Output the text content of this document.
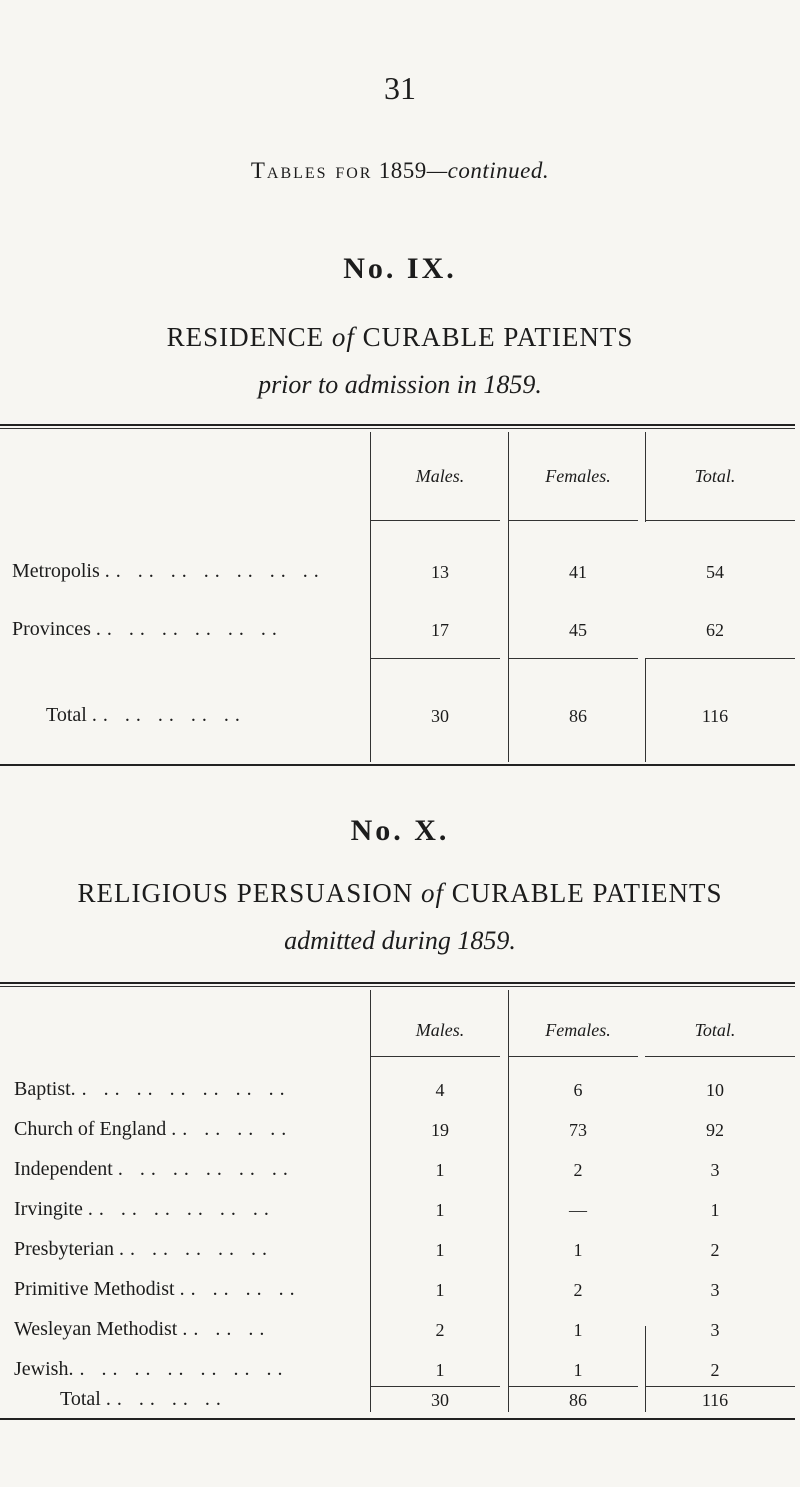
31
Tables for 1859—continued.
No. IX.
RESIDENCE of CURABLE PATIENTS
prior to admission in 1859.
Males.	Females.	Total.
Metropolis .. .. .. .. .. .. ..	13	41	54
Provinces .. .. .. .. .. ..	17	45	62
Total .. .. .. .. ..	30	86	116
No. X.
RELIGIOUS PERSUASION of CURABLE PATIENTS
admitted during 1859.
Males.	Females.	Total.
Baptist.. .. .. .. .. .. ..	4	6	10
Church of England .. .. .. ..	19	73	92
Independent . .. .. .. .. ..	1	2	3
Irvingite .. .. .. .. .. ..	1	—	1
Presbyterian .. .. .. .. ..	1	1	2
Primitive Methodist .. .. .. ..	1	2	3
Wesleyan Methodist .. .. ..	2	1	3
Jewish.. .. .. .. .. .. ..	1	1	2
Total .. .. .. ..	30	86	116
